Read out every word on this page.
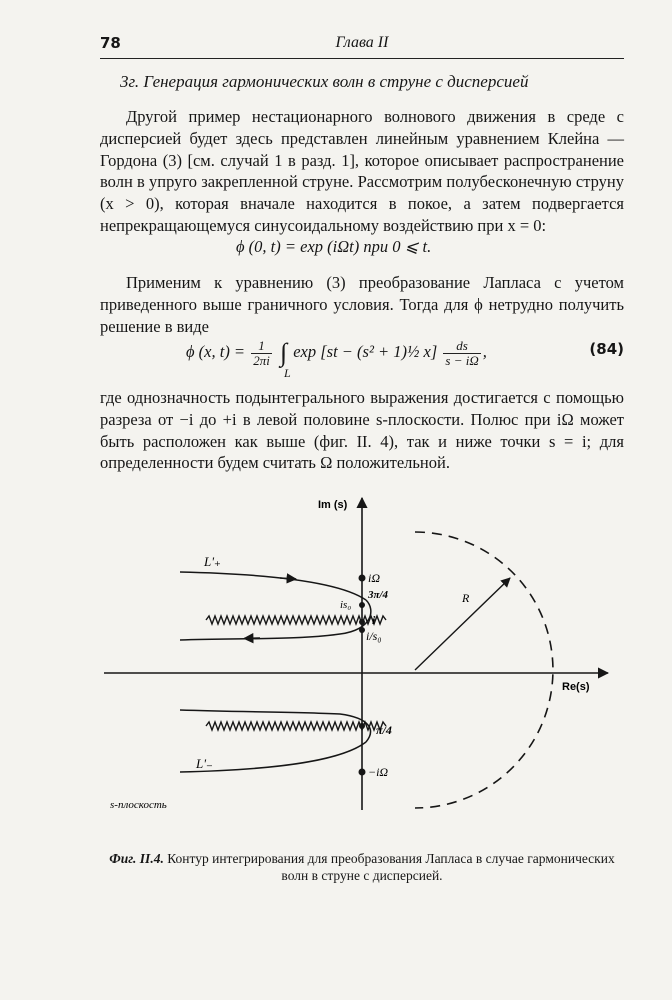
78	Глава II
3г. Генерация гармонических волн в струне с дисперсией
Другой пример нестационарного волнового движения в среде с дисперсией будет здесь представлен линейным уравнением Клейна — Гордона (3) [см. случай 1 в разд. 1], которое описывает распространение волн в упруго закрепленной струне. Рассмотрим полубесконечную струну (x > 0), которая вначале находится в покое, а затем подвергается непрекращающемуся синусоидальному воздействию при x = 0:
ϕ (0, t) = exp (iΩt) при 0 ⩽ t.
Применим к уравнению (3) преобразование Лапласа с учетом приведенного выше граничного условия. Тогда для ϕ нетрудно получить решение в виде
ϕ (x, $t) = \frac{1}{2\pi i}$ ∫
L
exp [st − (s² + 1)½ $x] \frac{ds}{s - i\Omega}$ ,	(84)
где однозначность подынтегрального выражения достигается с помощью разреза от −i до +i в левой половине s-плоскости. Полюс при iΩ может быть расположен как выше (фиг. II. 4), так и ниже точки s = i; для определенности будем считать Ω положительной.
Im (s)
Re(s)
R
L'₊
L'₋
iΩ
3π/4
is₀
i
i/s₀
π/4
−iΩ
s-плоскость
Фиг. II.4. Контур интегрирования для преобразования Лапласа в случае гармонических волн в струне с дисперсией.
